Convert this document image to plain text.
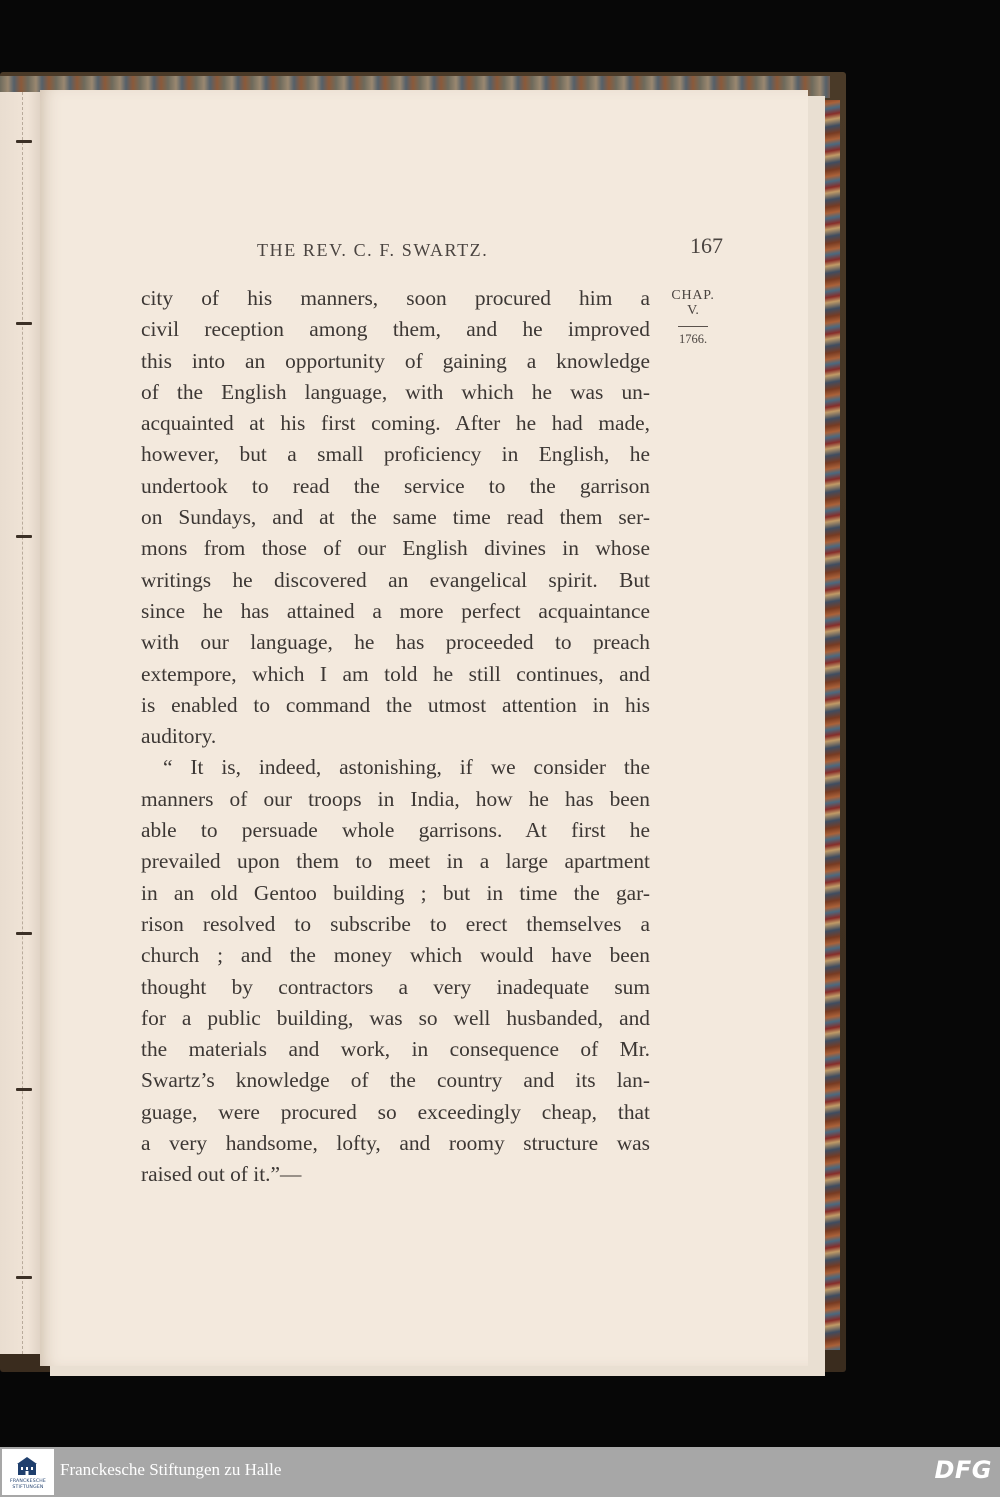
THE REV. C. F. SWARTZ.	167
CHAP.
V.
1766.
city of his manners, soon procured him a
civil reception among them, and he improved
this into an opportunity of gaining a knowledge
of the English language, with which he was un-
acquainted at his first coming. After he had made,
however, but a small proficiency in English, he
undertook to read the service to the garrison
on Sundays, and at the same time read them ser-
mons from those of our English divines in whose
writings he discovered an evangelical spirit. But
since he has attained a more perfect acquaintance
with our language, he has proceeded to preach
extempore, which I am told he still continues, and
is enabled to command the utmost attention in his
auditory.
“ It is, indeed, astonishing, if we consider the
manners of our troops in India, how he has been
able to persuade whole garrisons. At first he
prevailed upon them to meet in a large apartment
in an old Gentoo building ; but in time the gar-
rison resolved to subscribe to erect themselves a
church ; and the money which would have been
thought by contractors a very inadequate sum
for a public building, was so well husbanded, and
the materials and work, in consequence of Mr.
Swartz’s knowledge of the country and its lan-
guage, were procured so exceedingly cheap, that
a very handsome, lofty, and roomy structure was
raised out of it.”—
FRANCKESCHE
STIFTUNGEN
Franckesche Stiftungen zu Halle	DFG
